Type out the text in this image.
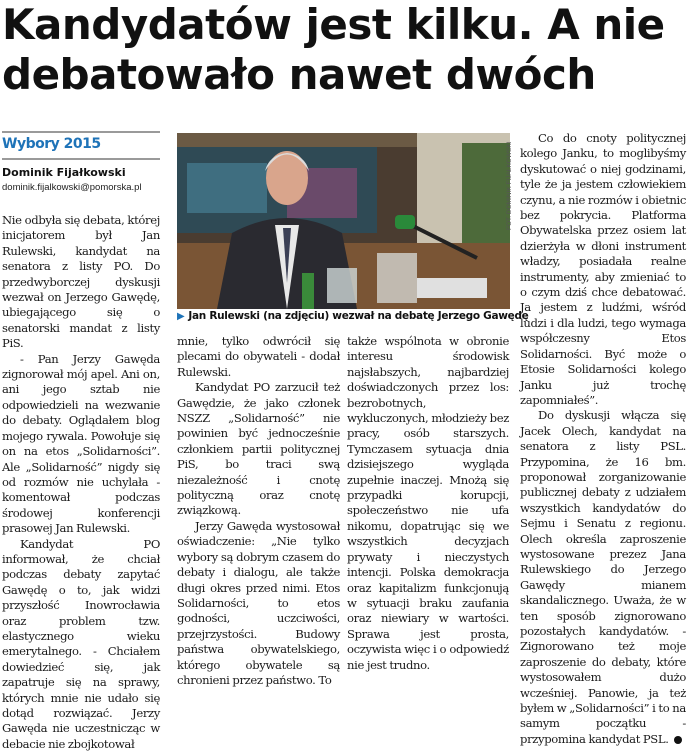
Kandydatów jest kilku. A nie debatowało nawet dwóch
Wybory 2015
Dominik Fijałkowski
dominik.fijalkowski@pomorska.pl

Nie odbyła się debata, której inicjatorem był Jan Rulewski, kandydat na senatora z listy PO. Do przedwyborczej dyskusji wezwał on Jerzego Gawędę, ubiegającego się o senatorski mandat z listy PiS.

- Pan Jerzy Gawęda zignorował mój apel. Ani on, ani jego sztab nie odpowiedzieli na wezwanie do debaty. Oglądałem blog mojego rywala. Powołuje się on na etos „Solidarności”. Ale „Solidarność” nigdy się od rozmów nie uchylała - komentował podczas środowej konferencji prasowej Jan Rulewski.

Kandydat PO informował, że chciał podczas debaty zapytać Gawędę o to, jak widzi przyszłość Inowrocławia oraz problem tzw. elastycznego wieku emerytalnego. - Chciałem dowiedzieć się, jak zapatruje się na sprawy, których mnie nie udało się dotąd rozwiązać. Jerzy Gawęda nie uczestnicząc w debacie nie zbojkotował

FOT. DOMINIK FIJAŁKOWSKI
▶ Jan Rulewski (na zdjęciu) wezwał na debatę Jerzego Gawędę

mnie, tylko odwrócił się plecami do obywateli - dodał Rulewski.

Kandydat PO zarzucił też Gawędzie, że jako członek NSZZ „Solidarność” nie powinien być jednocześnie członkiem partii politycznej PiS, bo traci swą niezależność i cnotę polityczną oraz cnotę związkową.

Jerzy Gawęda wystosował oświadczenie: „Nie tylko wybory są dobrym czasem do debaty i dialogu, ale także długi okres przed nimi. Etos Solidarności, to etos godności, uczciwości, przejrzystości. Budowy państwa obywatelskiego, którego obywatele są chronieni przez państwo. To

także wspólnota w obronie interesu środowisk najsłabszych, najbardziej doświadczonych przez los: bezrobotnych, wykluczonych, młodzieży bez pracy, osób starszych. Tymczasem sytuacja dnia dzisiejszego wygląda zupełnie inaczej. Mnożą się przypadki korupcji, społeczeństwo nie ufa nikomu, dopatrując się we wszystkich decyzjach prywaty i nieczystych intencji. Polska demokracja oraz kapitalizm funkcjonują w sytuacji braku zaufania oraz niewiary w wartości. Sprawa jest prosta, oczywista więc i o odpowiedź nie jest trudno.

Co do cnoty politycznej kolego Janku, to moglibyśmy dyskutować o niej godzinami, tyle że ja jestem człowiekiem czynu, a nie rozmów i obietnic bez pokrycia. Platforma Obywatelska przez osiem lat dzierżyła w dłoni instrument władzy, posiadała realne instrumenty, aby zmieniać to o czym dziś chce debatować. Ja jestem z ludźmi, wśród ludzi i dla ludzi, tego wymaga współczesny Etos Solidarności. Być może o Etosie Solidarności kolego Janku już trochę zapomniałeś”.

Do dyskusji włącza się Jacek Olech, kandydat na senatora z listy PSL. Przypomina, że 16 bm. proponował zorganizowanie publicznej debaty z udziałem wszystkich kandydatów do Sejmu i Senatu z regionu. Olech określa zaproszenie wystosowane prezez Jana Rulewskiego do Jerzego Gawędy mianem skandalicznego. Uważa, że w ten sposób zignorowano pozostałych kandydatów. - Zignorowano też moje zaproszenie do debaty, które wystosowałem dużo wcześniej. Panowie, ja też byłem w „Solidarności” i to na samym początku - przypomina kandydat PSL.
